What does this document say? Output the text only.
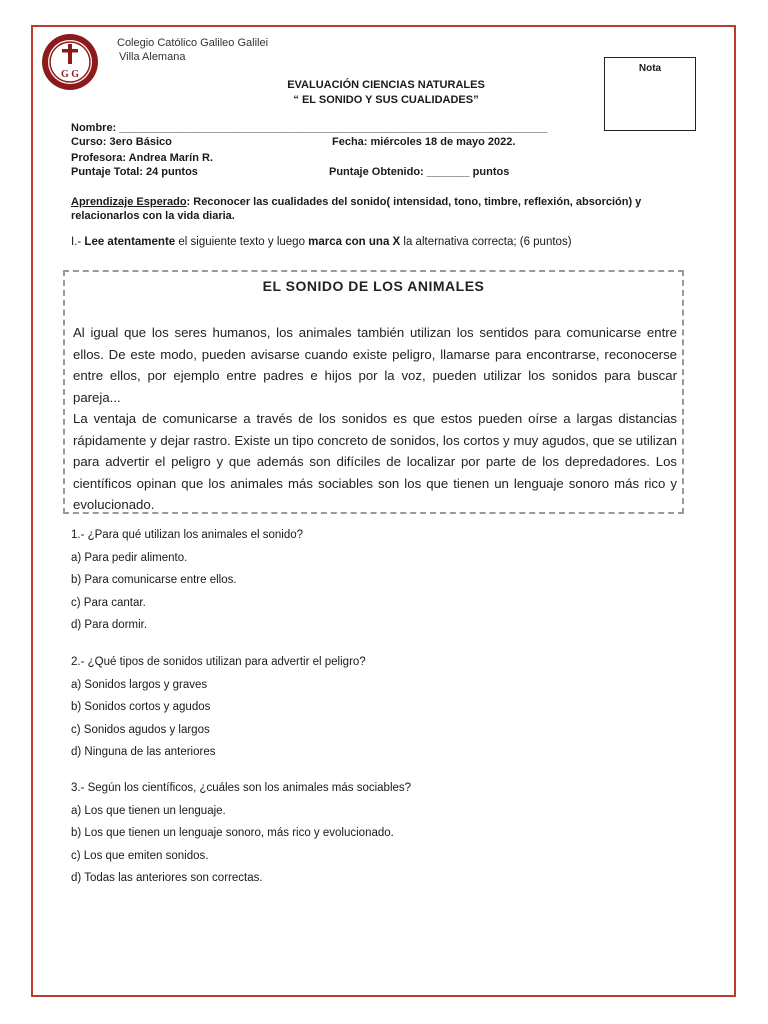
G G
Colegio Católico Galileo Galilei
Villa Alemana
Nota
EVALUACIÓN CIENCIAS NATURALES
“ EL SONIDO Y SUS CUALIDADES”
Nombre: ______________________________________________________________________
Curso: 3ero Básico	Fecha: miércoles 18 de mayo 2022.
Profesora: Andrea Marín R.
Puntaje Total: 24 puntos	Puntaje Obtenido: _______ puntos
Aprendizaje Esperado: Reconocer las cualidades del sonido( intensidad, tono, timbre, reflexión, absorción) y relacionarlos con la vida diaria.
I.- Lee atentamente el siguiente texto y luego marca con una X la alternativa correcta; (6 puntos)
EL SONIDO DE LOS ANIMALES
Al igual que los seres humanos, los animales también utilizan los sentidos para comunicarse entre ellos. De este modo, pueden avisarse cuando existe peligro, llamarse para encontrarse, reconocerse entre ellos, por ejemplo entre padres e hijos por la voz, pueden utilizar los sonidos para buscar pareja...
La ventaja de comunicarse a través de los sonidos es que estos pueden oírse a largas distancias rápidamente y dejar rastro. Existe un tipo concreto de sonidos, los cortos y muy agudos, que se utilizan para advertir el peligro y que además son difíciles de localizar por parte de los depredadores. Los científicos opinan que los animales más sociables son los que tienen un lenguaje sonoro más rico y evolucionado.
1.- ¿Para qué utilizan los animales el sonido?
a) Para pedir alimento.
b) Para comunicarse entre ellos.
c) Para cantar.
d) Para dormir.
2.- ¿Qué tipos de sonidos utilizan para advertir el peligro?
a) Sonidos largos y graves
b) Sonidos cortos y agudos
c) Sonidos agudos y largos
d) Ninguna de las anteriores
3.- Según los científicos, ¿cuáles son los animales más sociables?
a) Los que tienen un lenguaje.
b) Los que tienen un lenguaje sonoro, más rico y evolucionado.
c) Los que emiten sonidos.
d) Todas las anteriores son correctas.
